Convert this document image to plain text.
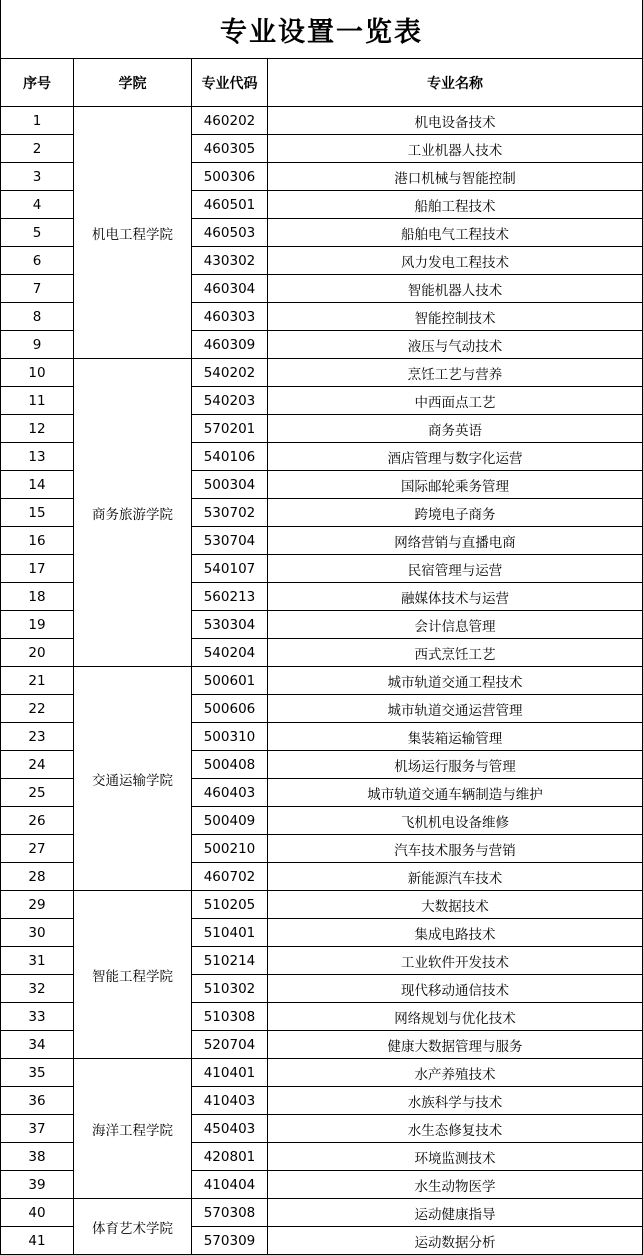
专业设置一览表
序号	学院	专业代码	专业名称
1	机电工程学院	460202	机电设备技术
2		460305	工业机器人技术
3		500306	港口机械与智能控制
4		460501	船舶工程技术
5		460503	船舶电气工程技术
6		430302	风力发电工程技术
7		460304	智能机器人技术
8		460303	智能控制技术
9		460309	液压与气动技术
10	商务旅游学院	540202	烹饪工艺与营养
11		540203	中西面点工艺
12		570201	商务英语
13		540106	酒店管理与数字化运营
14		500304	国际邮轮乘务管理
15		530702	跨境电子商务
16		530704	网络营销与直播电商
17		540107	民宿管理与运营
18		560213	融媒体技术与运营
19		530304	会计信息管理
20		540204	西式烹饪工艺
21	交通运输学院	500601	城市轨道交通工程技术
22		500606	城市轨道交通运营管理
23		500310	集装箱运输管理
24		500408	机场运行服务与管理
25		460403	城市轨道交通车辆制造与维护
26		500409	飞机机电设备维修
27		500210	汽车技术服务与营销
28		460702	新能源汽车技术
29	智能工程学院	510205	大数据技术
30		510401	集成电路技术
31		510214	工业软件开发技术
32		510302	现代移动通信技术
33		510308	网络规划与优化技术
34		520704	健康大数据管理与服务
35	海洋工程学院	410401	水产养殖技术
36		410403	水族科学与技术
37		450403	水生态修复技术
38		420801	环境监测技术
39		410404	水生动物医学
40	体育艺术学院	570308	运动健康指导
41		570309	运动数据分析
